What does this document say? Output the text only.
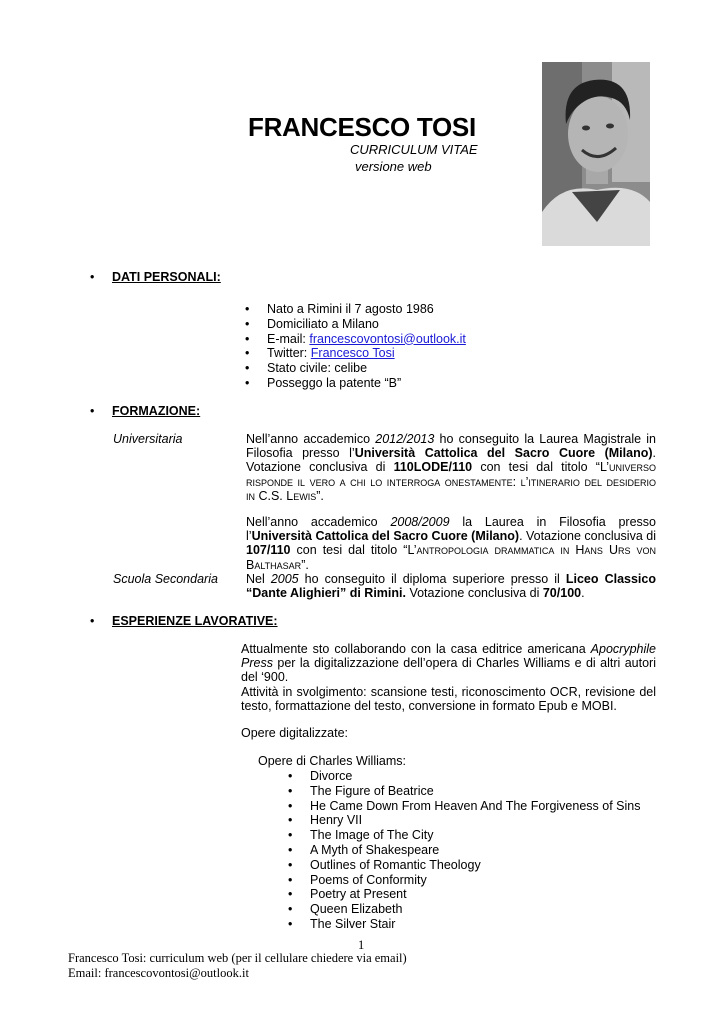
FRANCESCO TOSI
CURRICULUM VITAE
versione web
• DATI PERSONALI:
• Nato a Rimini il 7 agosto 1986
• Domiciliato a Milano
• E-mail: francescovontosi@outlook.it
• Twitter: Francesco Tosi
• Stato civile: celibe
• Posseggo la patente “B”
• FORMAZIONE:
Universitaria	Nell’anno accademico 2012/2013 ho conseguito la Laurea Magistrale in Filosofia presso l’Università Cattolica del Sacro Cuore (Milano). Votazione conclusiva di 110LODE/110 con tesi dal titolo “L’universo risponde il vero a chi lo interroga onestamente: l’itinerario del desiderio in C.S. Lewis”.
Nell’anno accademico 2008/2009 la Laurea in Filosofia presso l’Università Cattolica del Sacro Cuore (Milano). Votazione conclusiva di 107/110 con tesi dal titolo “L’antropologia drammatica in Hans Urs von Balthasar”.
Scuola Secondaria Nel 2005 ho conseguito il diploma superiore presso il Liceo Classico “Dante Alighieri” di Rimini. Votazione conclusiva di 70/100.
• ESPERIENZE LAVORATIVE:
Attualmente sto collaborando con la casa editrice americana Apocryphile Press per la digitalizzazione dell’opera di Charles Williams e di altri autori del ‘900.
Attività in svolgimento: scansione testi, riconoscimento OCR, revisione del testo, formattazione del testo, conversione in formato Epub e MOBI.
Opere digitalizzate:
Opere di Charles Williams:
• Divorce
• The Figure of Beatrice
• He Came Down From Heaven And The Forgiveness of Sins
• Henry VII
• The Image of The City
• A Myth of Shakespeare
• Outlines of Romantic Theology
• Poems of Conformity
• Poetry at Present
• Queen Elizabeth
• The Silver Stair
1
Francesco Tosi: curriculum web (per il cellulare chiedere via email)
Email: francescovontosi@outlook.it
